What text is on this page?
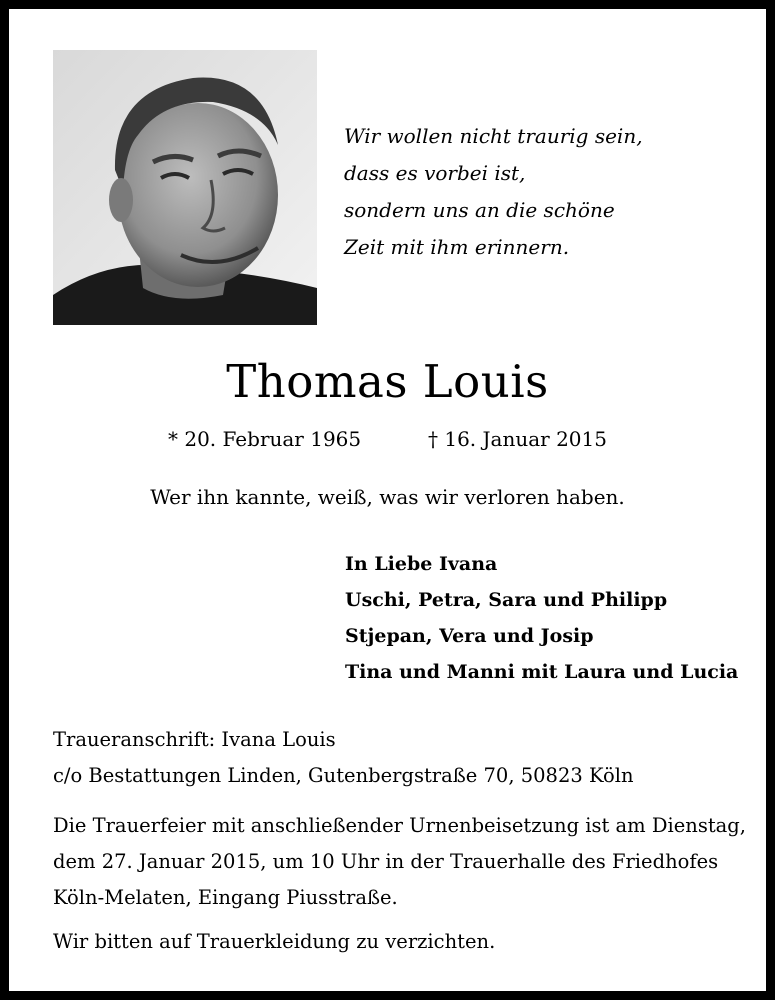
Wir wollen nicht traurig sein,
dass es vorbei ist,
sondern uns an die schöne
Zeit mit ihm erinnern.
Thomas Louis
* 20. Februar 1965	† 16. Januar 2015
Wer ihn kannte, weiß, was wir verloren haben.
In Liebe Ivana
Uschi, Petra, Sara und Philipp
Stjepan, Vera und Josip
Tina und Manni mit Laura und Lucia
Traueranschrift: Ivana Louis
c/o Bestattungen Linden, Gutenbergstraße 70, 50823 Köln
Die Trauerfeier mit anschließender Urnenbeisetzung ist am Dienstag,
dem 27. Januar 2015, um 10 Uhr in der Trauerhalle des Friedhofes
Köln-Melaten, Eingang Piusstraße.
Wir bitten auf Trauerkleidung zu verzichten.
